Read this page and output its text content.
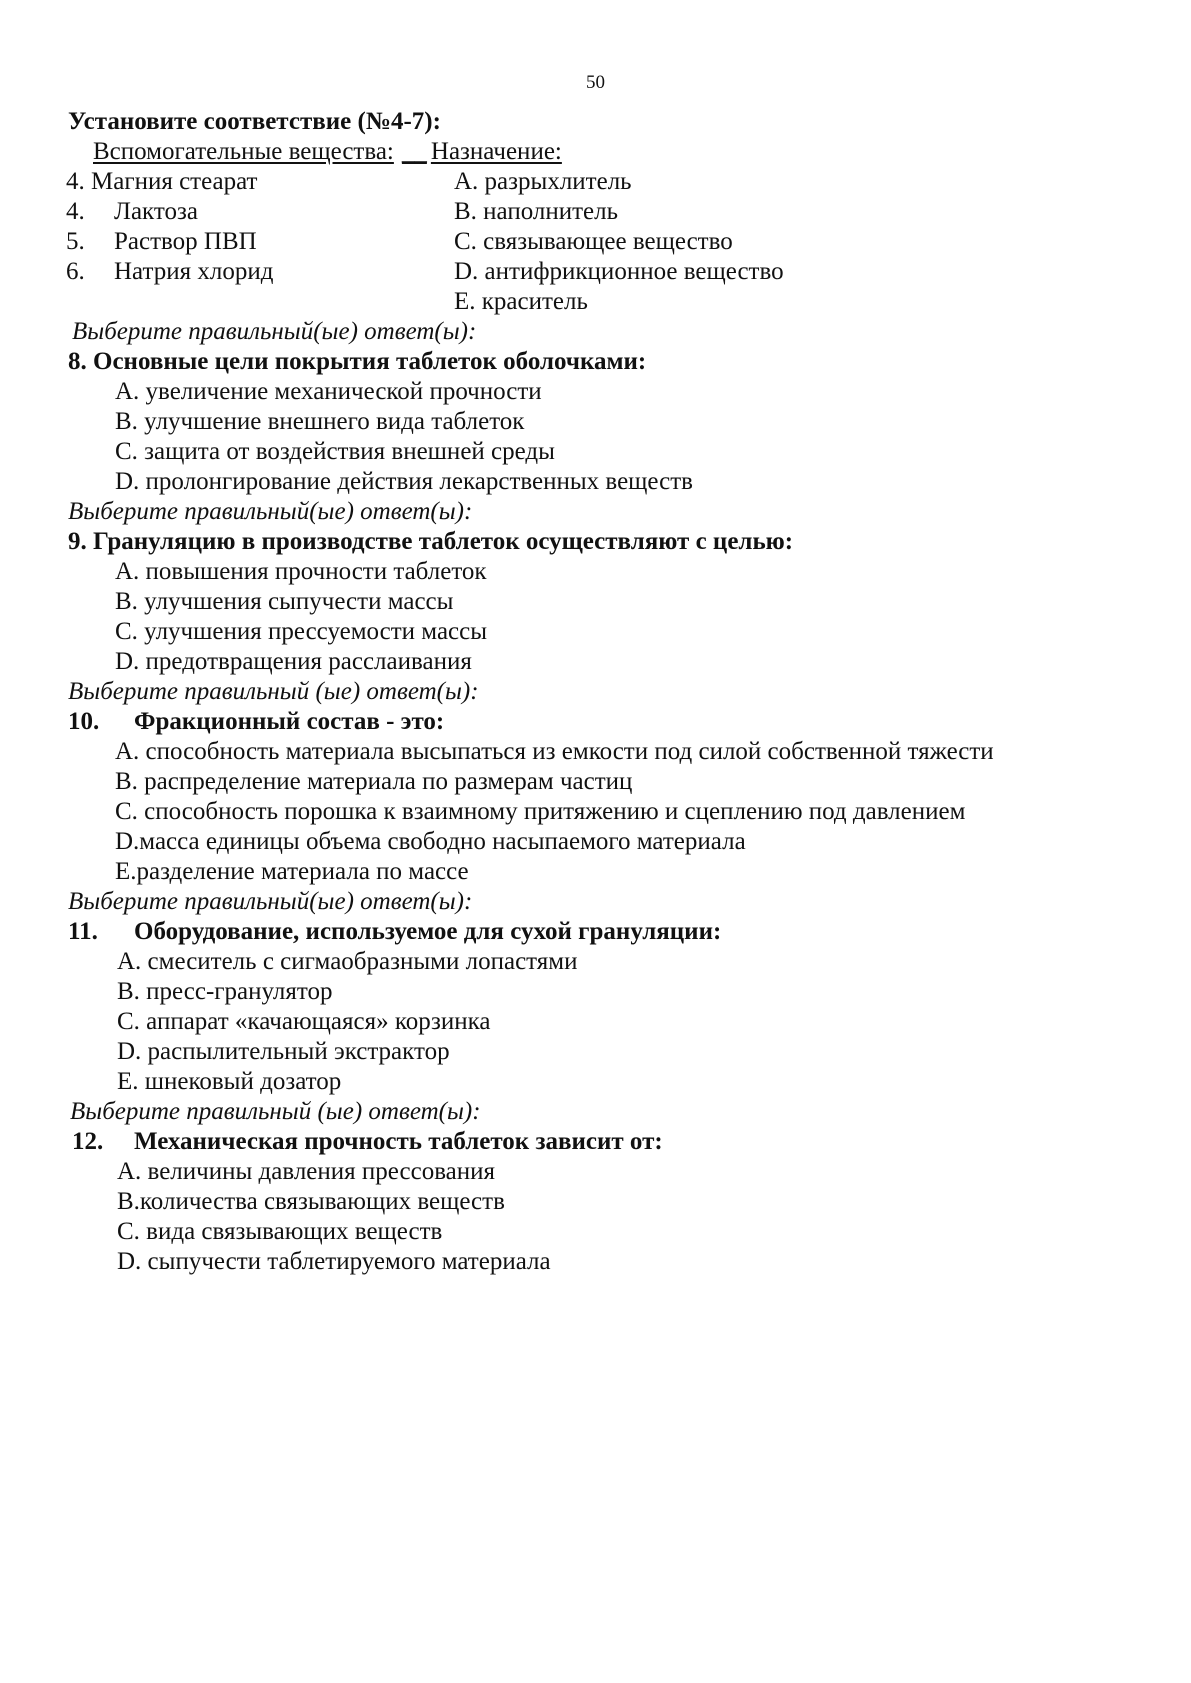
50
Установите соответствие (№4-7):
Вспомогательные вещества: __ Назначение:
4. Магния стеарат
4. Лактоза
5. Раствор ПВП
6. Натрия хлорид
A. разрыхлитель
B. наполнитель
C. связывающее вещество
D. антифрикционное вещество
E. краситель
Выберите правильный(ые) ответ(ы):
8. Основные цели покрытия таблеток оболочками:
A. увеличение механической прочности
B. улучшение внешнего вида таблеток
C. защита от воздействия внешней среды
D. пролонгирование действия лекарственных веществ
Выберите правильный(ые) ответ(ы):
9. Грануляцию в производстве таблеток осуществляют с целью:
A. повышения прочности таблеток
B. улучшения сыпучести массы
C. улучшения прессуемости массы
D. предотвращения расслаивания
Выберите правильный (ые) ответ(ы):
10. Фракционный состав - это:
A. способность материала высыпаться из емкости под силой собственной тяжести
B. распределение материала по размерам частиц
C. способность порошка к взаимному притяжению и сцеплению под давлением
D.масса единицы объема свободно насыпаемого материала
E.разделение материала по массе
Выберите правильный(ые) ответ(ы):
11. Оборудование, используемое для сухой грануляции:
A. смеситель с сигмаобразными лопастями
B. пресс-гранулятор
C. аппарат «качающаяся» корзинка
D. распылительный экстрактор
E. шнековый дозатор
Выберите правильный (ые) ответ(ы):
12. Механическая прочность таблеток зависит от:
A. величины давления прессования
B.количества связывающих веществ
C. вида связывающих веществ
D. сыпучести таблетируемого материала
